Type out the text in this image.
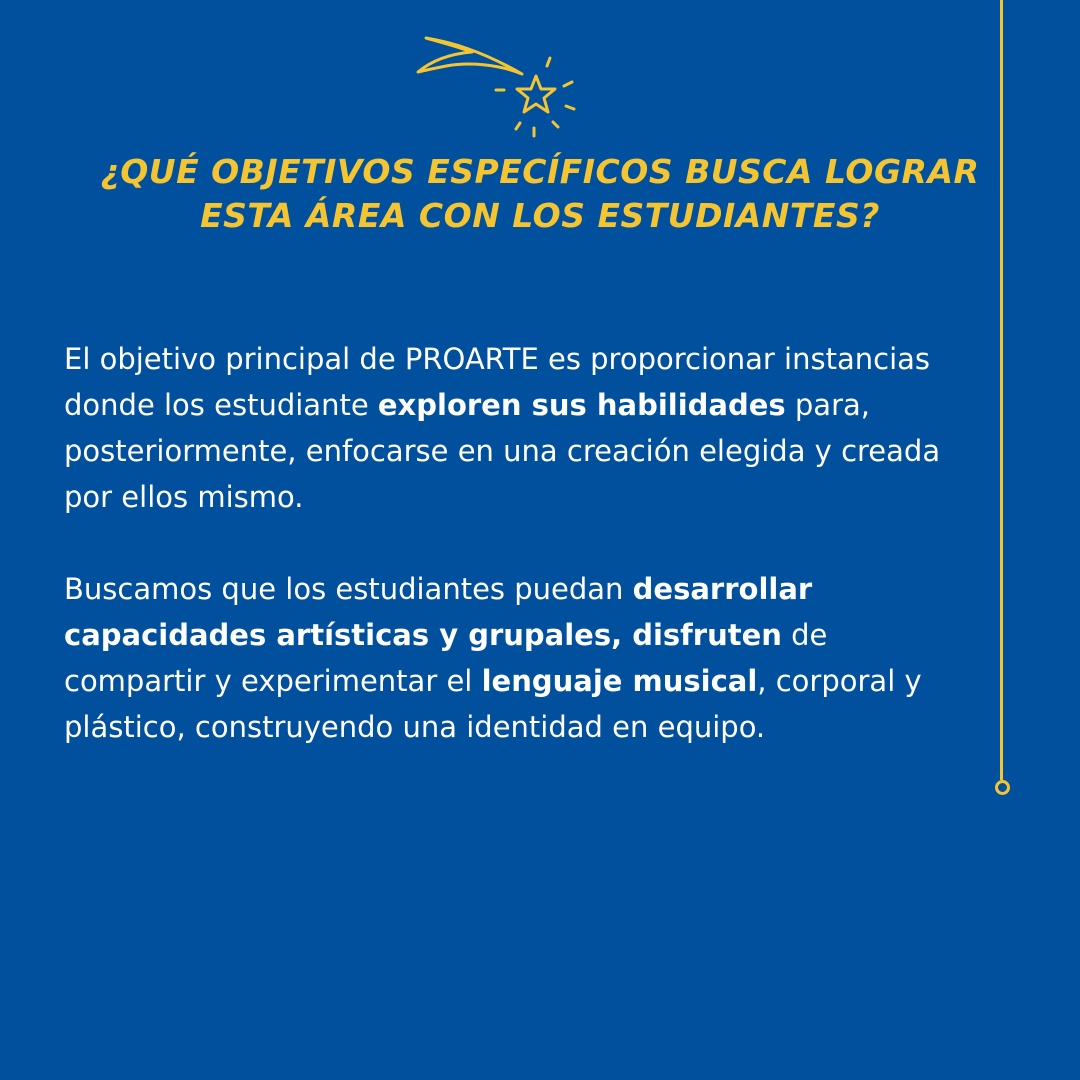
¿QUÉ OBJETIVOS ESPECÍFICOS BUSCA LOGRAR
ESTA ÁREA CON LOS ESTUDIANTES?

El objetivo principal de PROARTE es proporcionar instancias donde los estudiante exploren sus habilidades para, posteriormente, enfocarse en una creación elegida y creada por ellos mismo.

Buscamos que los estudiantes puedan desarrollar capacidades artísticas y grupales, disfruten de compartir y experimentar el lenguaje musical, corporal y plástico, construyendo una identidad en equipo.
